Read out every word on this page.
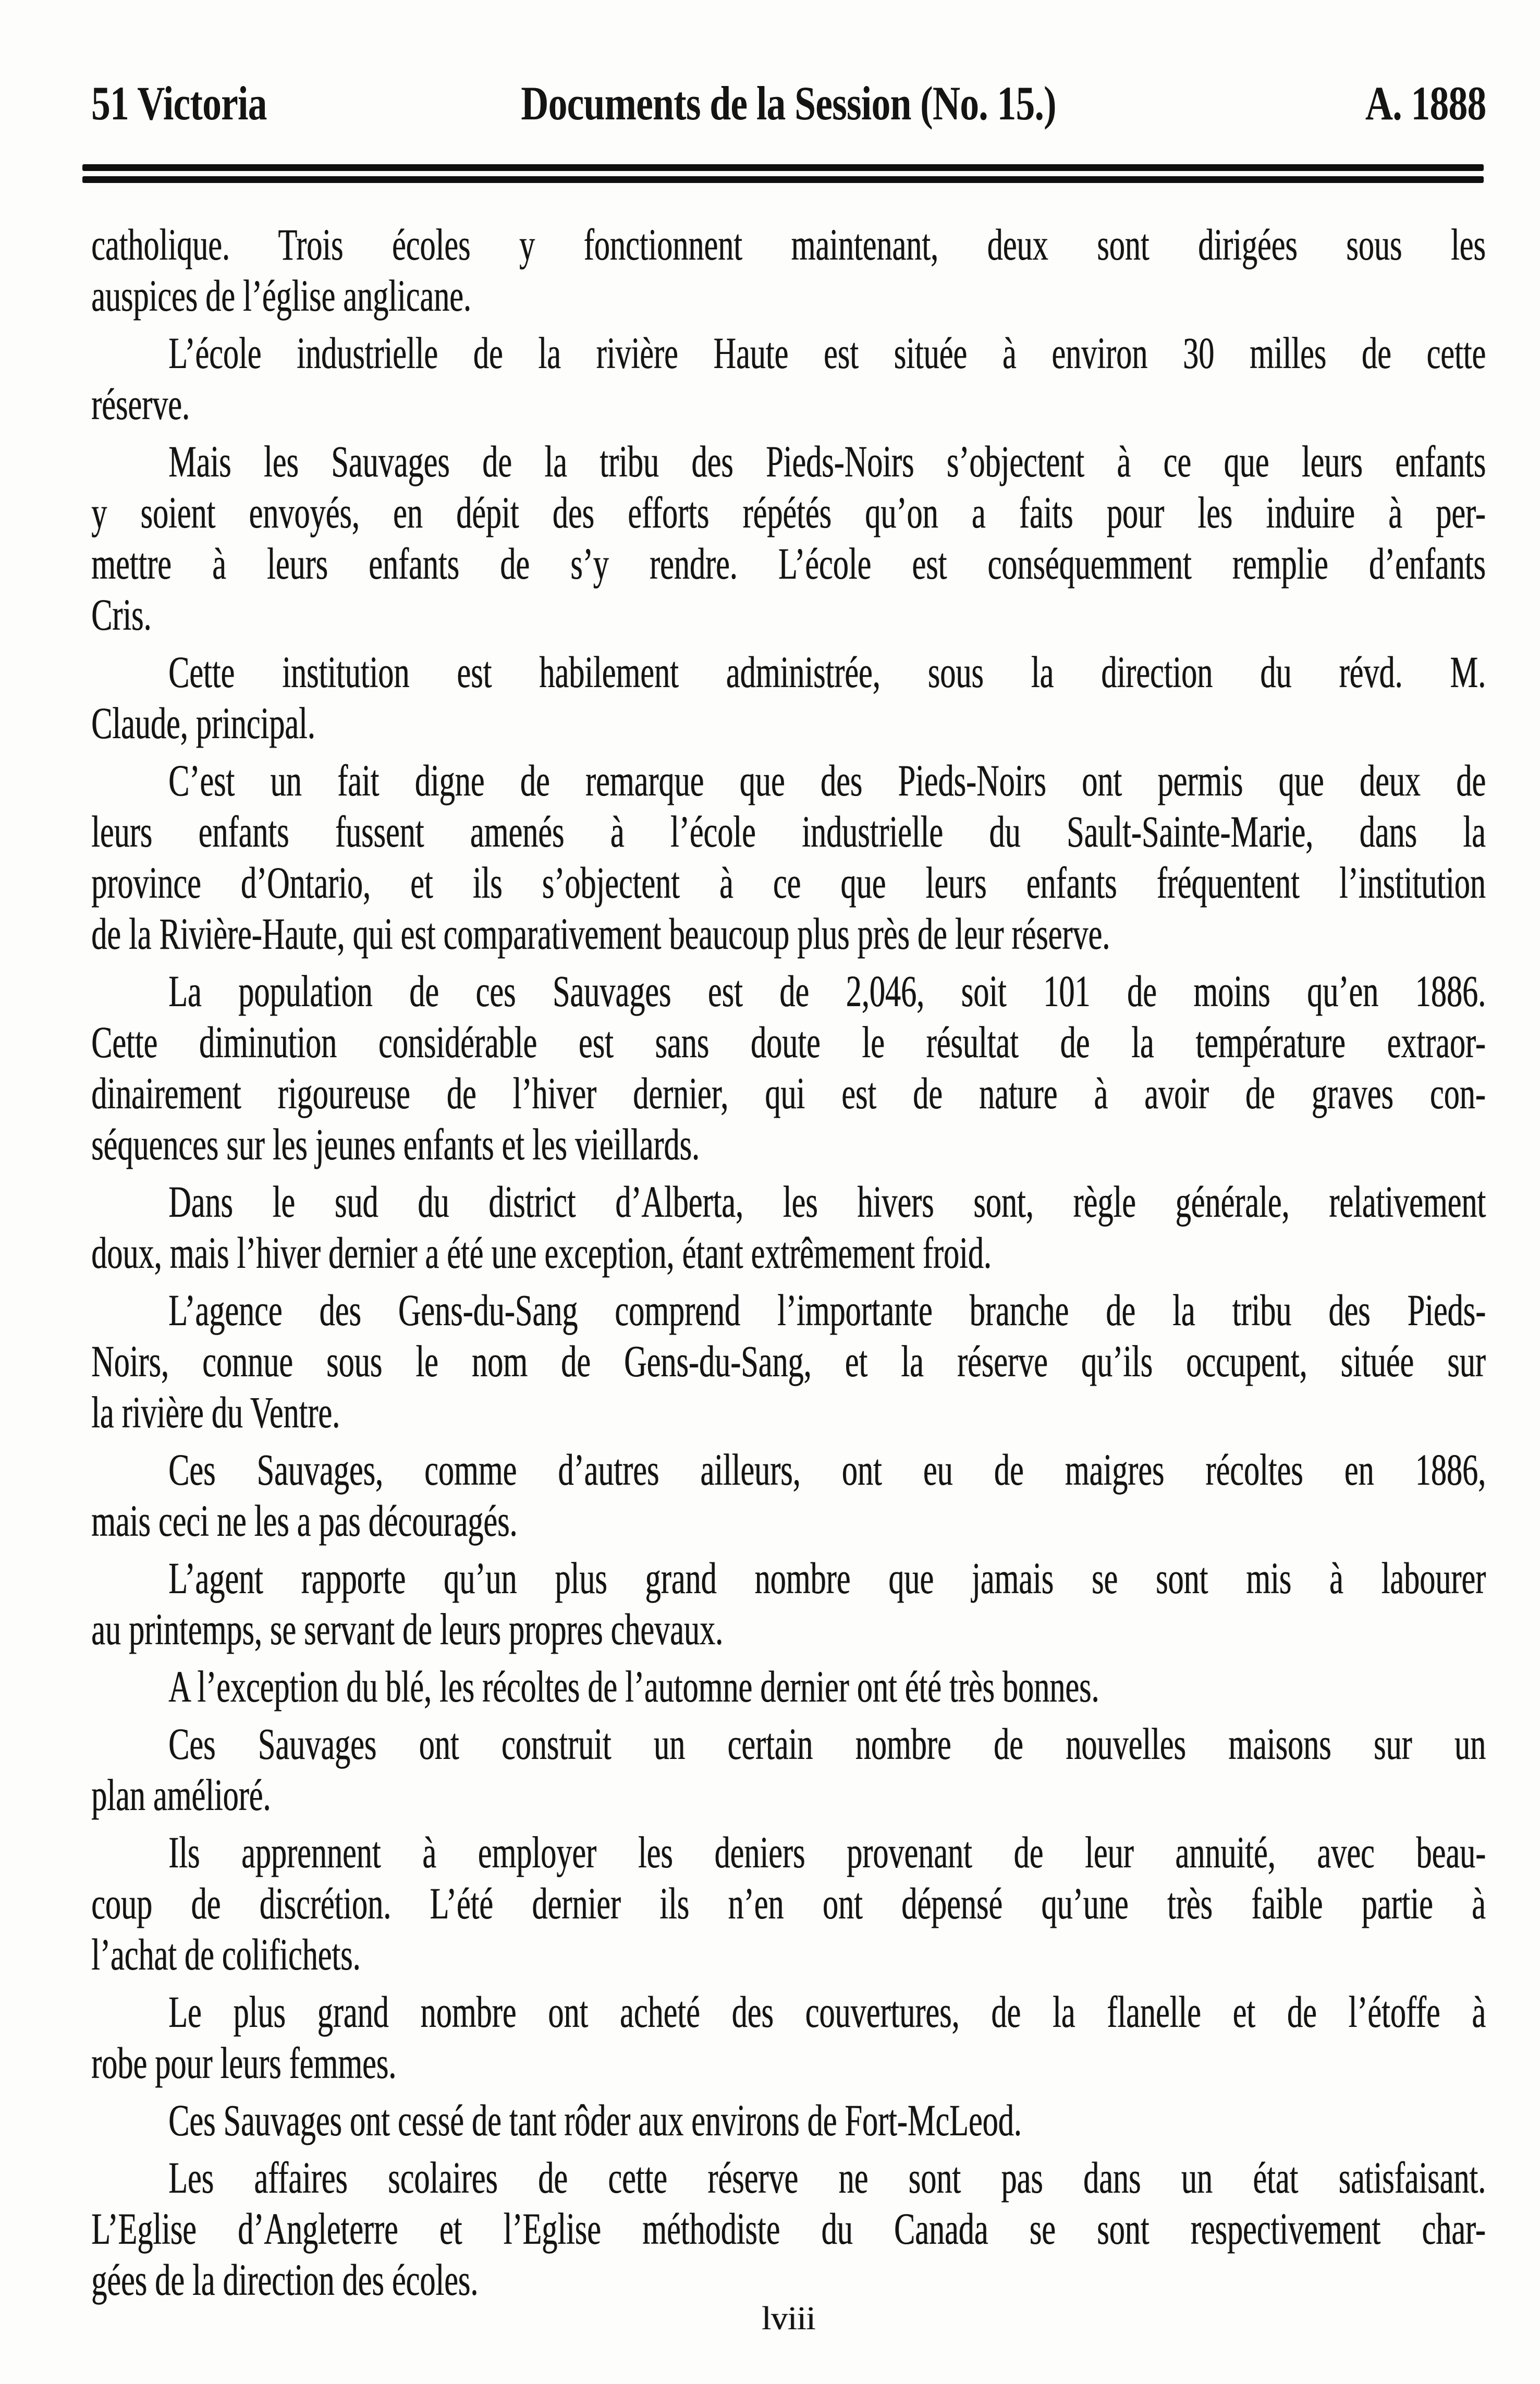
51 Victoria	Documents de la Session (No. 15.)	A. 1888
catholique. Trois écoles y fonctionnent maintenant, deux sont dirigées sous les
auspices de l’église anglicane.
L’école industrielle de la rivière Haute est située à environ 30 milles de cette
réserve.
Mais les Sauvages de la tribu des Pieds-Noirs s’objectent à ce que leurs enfants
y soient envoyés, en dépit des efforts répétés qu’on a faits pour les induire à per-
mettre à leurs enfants de s’y rendre. L’école est conséquemment remplie d’enfants
Cris.
Cette institution est habilement administrée, sous la direction du révd. M.
Claude, principal.
C’est un fait digne de remarque que des Pieds-Noirs ont permis que deux de
leurs enfants fussent amenés à l’école industrielle du Sault-Sainte-Marie, dans la
province d’Ontario, et ils s’objectent à ce que leurs enfants fréquentent l’institution
de la Rivière-Haute, qui est comparativement beaucoup plus près de leur réserve.
La population de ces Sauvages est de 2,046, soit 101 de moins qu’en 1886.
Cette diminution considérable est sans doute le résultat de la température extraor-
dinairement rigoureuse de l’hiver dernier, qui est de nature à avoir de graves con-
séquences sur les jeunes enfants et les vieillards.
Dans le sud du district d’Alberta, les hivers sont, règle générale, relativement
doux, mais l’hiver dernier a été une exception, étant extrêmement froid.
L’agence des Gens-du-Sang comprend l’importante branche de la tribu des Pieds-
Noirs, connue sous le nom de Gens-du-Sang, et la réserve qu’ils occupent, située sur
la rivière du Ventre.
Ces Sauvages, comme d’autres ailleurs, ont eu de maigres récoltes en 1886,
mais ceci ne les a pas découragés.
L’agent rapporte qu’un plus grand nombre que jamais se sont mis à labourer
au printemps, se servant de leurs propres chevaux.
A l’exception du blé, les récoltes de l’automne dernier ont été très bonnes.
Ces Sauvages ont construit un certain nombre de nouvelles maisons sur un
plan amélioré.
Ils apprennent à employer les deniers provenant de leur annuité, avec beau-
coup de discrétion. L’été dernier ils n’en ont dépensé qu’une très faible partie à
l’achat de colifichets.
Le plus grand nombre ont acheté des couvertures, de la flanelle et de l’étoffe à
robe pour leurs femmes.
Ces Sauvages ont cessé de tant rôder aux environs de Fort-McLeod.
Les affaires scolaires de cette réserve ne sont pas dans un état satisfaisant.
L’Eglise d’Angleterre et l’Eglise méthodiste du Canada se sont respectivement char-
gées de la direction des écoles.
lviii
